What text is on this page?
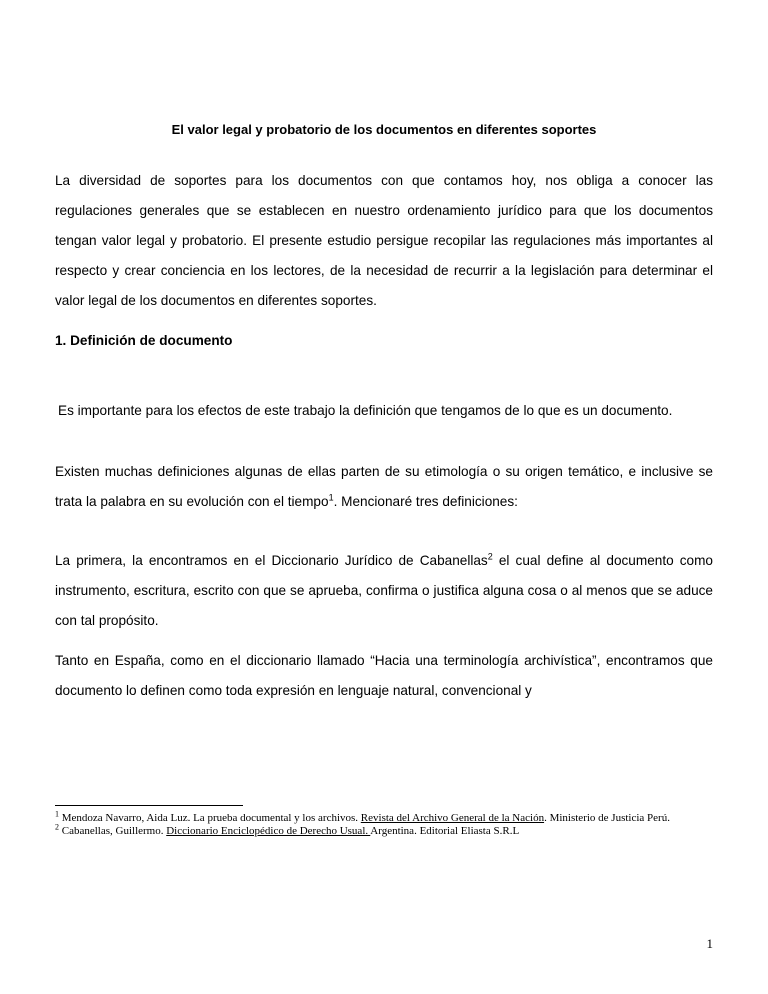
El valor legal y probatorio de los documentos en diferentes soportes
La diversidad de soportes para los documentos con que contamos hoy, nos obliga a conocer las regulaciones generales que se establecen en nuestro ordenamiento jurídico para que los documentos tengan valor legal y probatorio. El presente estudio persigue recopilar las regulaciones más importantes al respecto y crear conciencia en los lectores, de la necesidad de recurrir a la legislación para determinar el valor legal de los documentos en diferentes soportes.
1. Definición de documento
Es importante para los efectos de este trabajo la definición que tengamos de lo que es un documento.
Existen muchas definiciones algunas de ellas parten de su etimología o su origen temático, e inclusive se trata la palabra en su evolución con el tiempo$^1$. Mencionaré tres definiciones:
La primera, la encontramos en el Diccionario Jurídico de Cabanellas$^2$ el cual define al documento como instrumento, escritura, escrito con que se aprueba, confirma o justifica alguna cosa o al menos que se aduce con tal propósito.
Tanto en España, como en el diccionario llamado “Hacia una terminología archivística”, encontramos que documento lo definen como toda expresión en lenguaje natural, convencional y

$^1$ Mendoza Navarro, Aida Luz. La prueba documental y los archivos. Revista del Archivo General de la Nación. Ministerio de Justicia Perú.

$^2$ Cabanellas, Guillermo. Diccionario Enciclopédico de Derecho Usual. Argentina. Editorial Eliasta S.R.L

1
